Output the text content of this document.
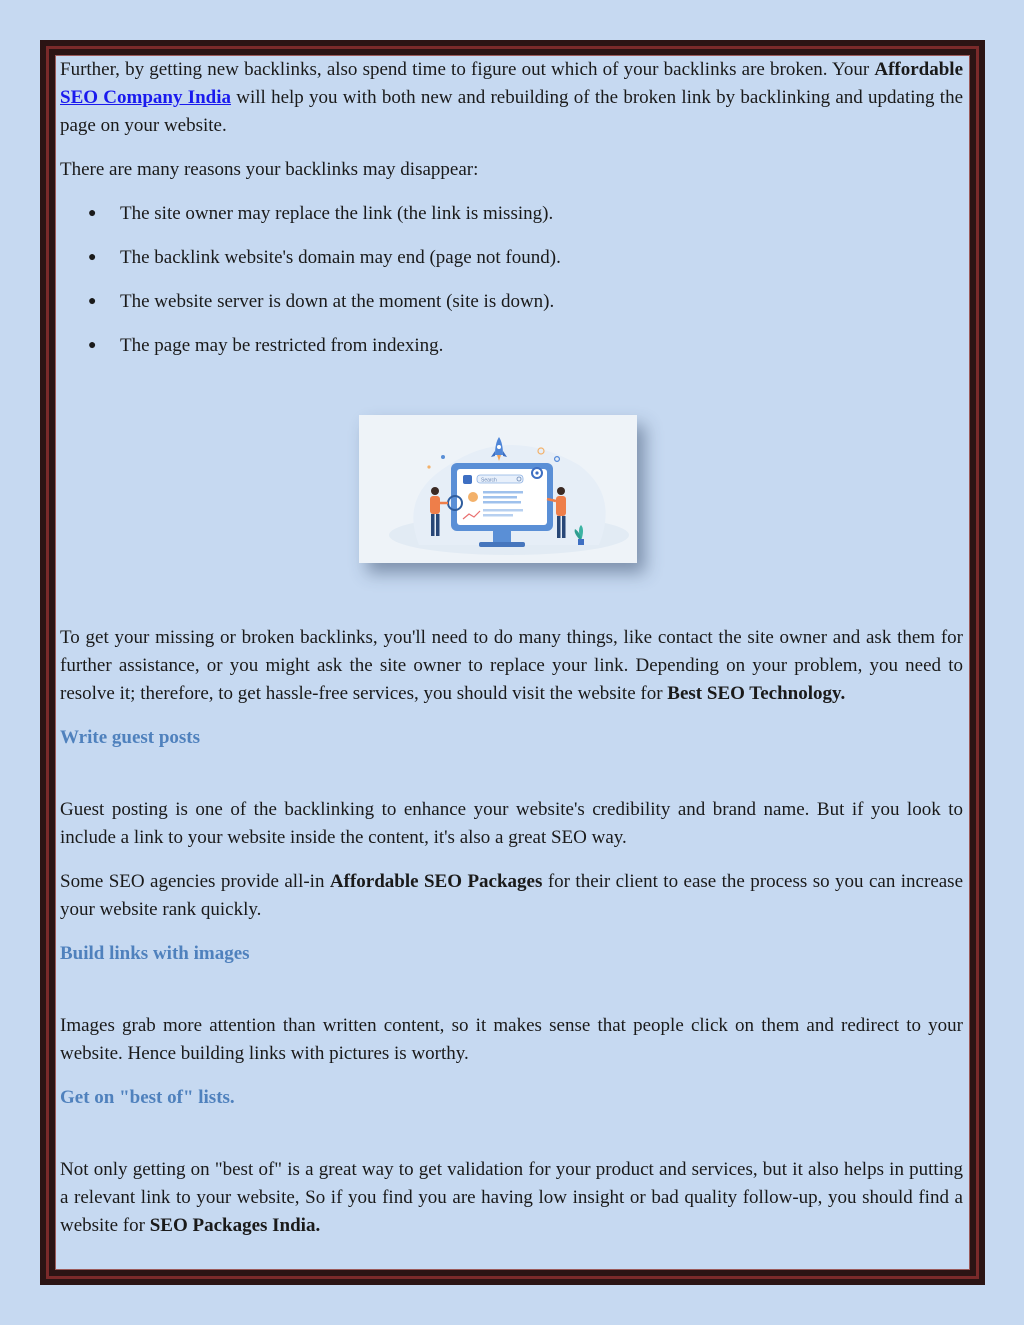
Further, by getting new backlinks, also spend time to figure out which of your backlinks are broken. Your Affordable SEO Company India will help you with both new and rebuilding of the broken link by backlinking and updating the page on your website.

There are many reasons your backlinks may disappear:

● The site owner may replace the link (the link is missing).
● The backlink website's domain may end (page not found).
● The website server is down at the moment (site is down).
● The page may be restricted from indexing.
Search

To get your missing or broken backlinks, you'll need to do many things, like contact the site owner and ask them for further assistance, or you might ask the site owner to replace your link. Depending on your problem, you need to resolve it; therefore, to get hassle-free services, you should visit the website for Best SEO Technology.

Write guest posts

Guest posting is one of the backlinking to enhance your website's credibility and brand name. But if you look to include a link to your website inside the content, it's also a great SEO way.

Some SEO agencies provide all-in Affordable SEO Packages for their client to ease the process so you can increase your website rank quickly.

Build links with images

Images grab more attention than written content, so it makes sense that people click on them and redirect to your website. Hence building links with pictures is worthy.

Get on "best of" lists.

Not only getting on "best of" is a great way to get validation for your product and services, but it also helps in putting a relevant link to your website, So if you find you are having low insight or bad quality follow-up, you should find a website for SEO Packages India.
